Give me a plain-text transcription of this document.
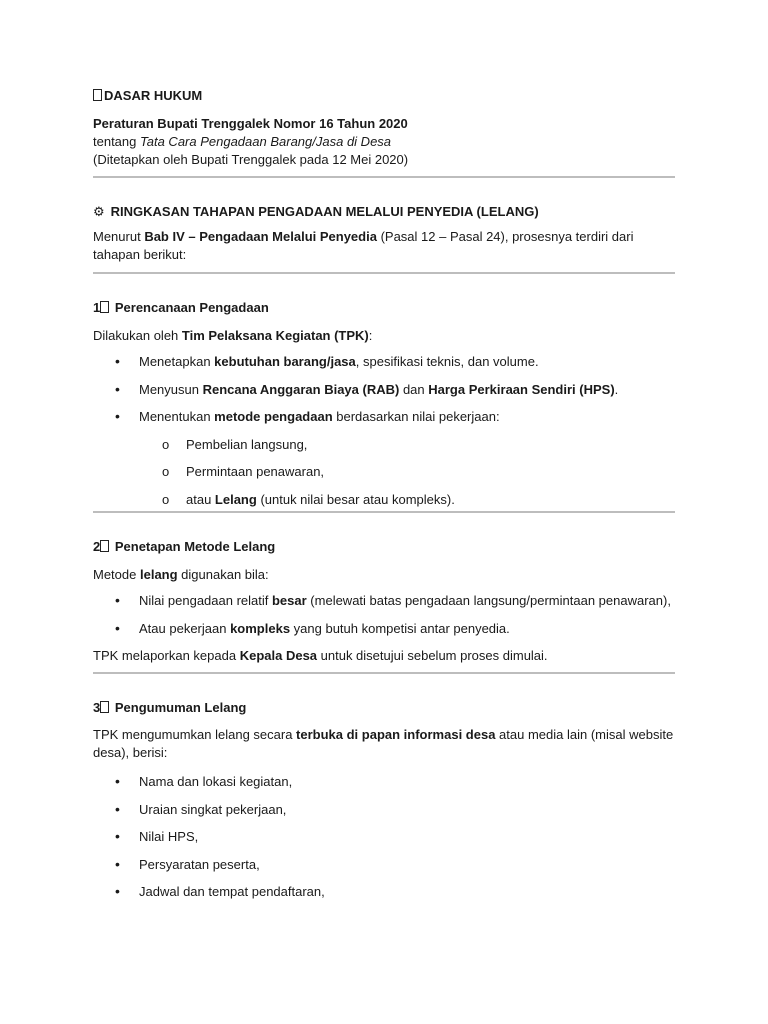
DASAR HUKUM

Peraturan Bupati Trenggalek Nomor 16 Tahun 2020

tentang Tata Cara Pengadaan Barang/Jasa di Desa

(Ditetapkan oleh Bupati Trenggalek pada 12 Mei 2020)

⚙ RINGKASAN TAHAPAN PENGADAAN MELALUI PENYEDIA (LELANG)

Menurut Bab IV – Pengadaan Melalui Penyedia (Pasal 12 – Pasal 24), prosesnya terdiri dari tahapan berikut:

1 Perencanaan Pengadaan

Dilakukan oleh Tim Pelaksana Kegiatan (TPK):

• Menetapkan kebutuhan barang/jasa, spesifikasi teknis, dan volume.
• Menyusun Rencana Anggaran Biaya (RAB) dan Harga Perkiraan Sendiri (HPS).
• Menentukan metode pengadaan berdasarkan nilai pekerjaan:
o Pembelian langsung,
o Permintaan penawaran,
o atau Lelang (untuk nilai besar atau kompleks).

2 Penetapan Metode Lelang

Metode lelang digunakan bila:

• Nilai pengadaan relatif besar (melewati batas pengadaan langsung/permintaan penawaran),
• Atau pekerjaan kompleks yang butuh kompetisi antar penyedia.

TPK melaporkan kepada Kepala Desa untuk disetujui sebelum proses dimulai.

3 Pengumuman Lelang

TPK mengumumkan lelang secara terbuka di papan informasi desa atau media lain (misal website desa), berisi:

• Nama dan lokasi kegiatan,
• Uraian singkat pekerjaan,
• Nilai HPS,
• Persyaratan peserta,
• Jadwal dan tempat pendaftaran,
